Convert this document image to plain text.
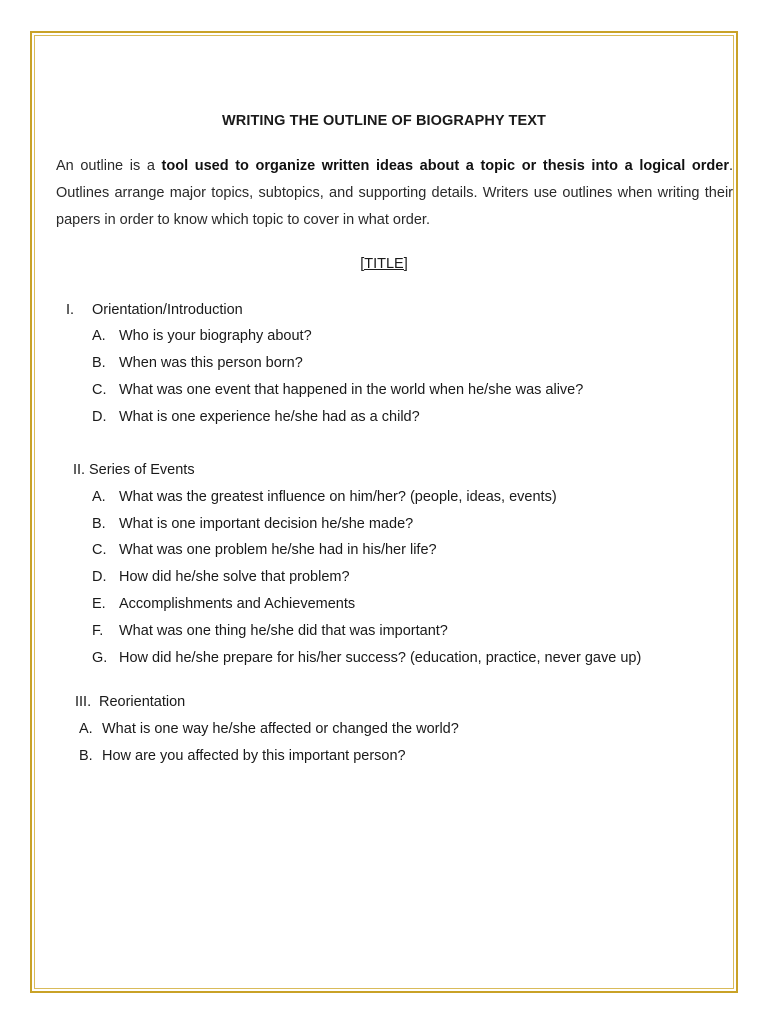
WRITING THE OUTLINE OF BIOGRAPHY TEXT
An outline is a tool used to organize written ideas about a topic or thesis into a logical order. Outlines arrange major topics, subtopics, and supporting details. Writers use outlines when writing their papers in order to know which topic to cover in what order.
[TITLE]
I. Orientation/Introduction
A. Who is your biography about?
B. When was this person born?
C. What was one event that happened in the world when he/she was alive?
D. What is one experience he/she had as a child?
II. Series of Events
A. What was the greatest influence on him/her? (people, ideas, events)
B. What is one important decision he/she made?
C. What was one problem he/she had in his/her life?
D. How did he/she solve that problem?
E. Accomplishments and Achievements
F. What was one thing he/she did that was important?
G. How did he/she prepare for his/her success? (education, practice, never gave up)
III. Reorientation
A. What is one way he/she affected or changed the world?
B. How are you affected by this important person?
